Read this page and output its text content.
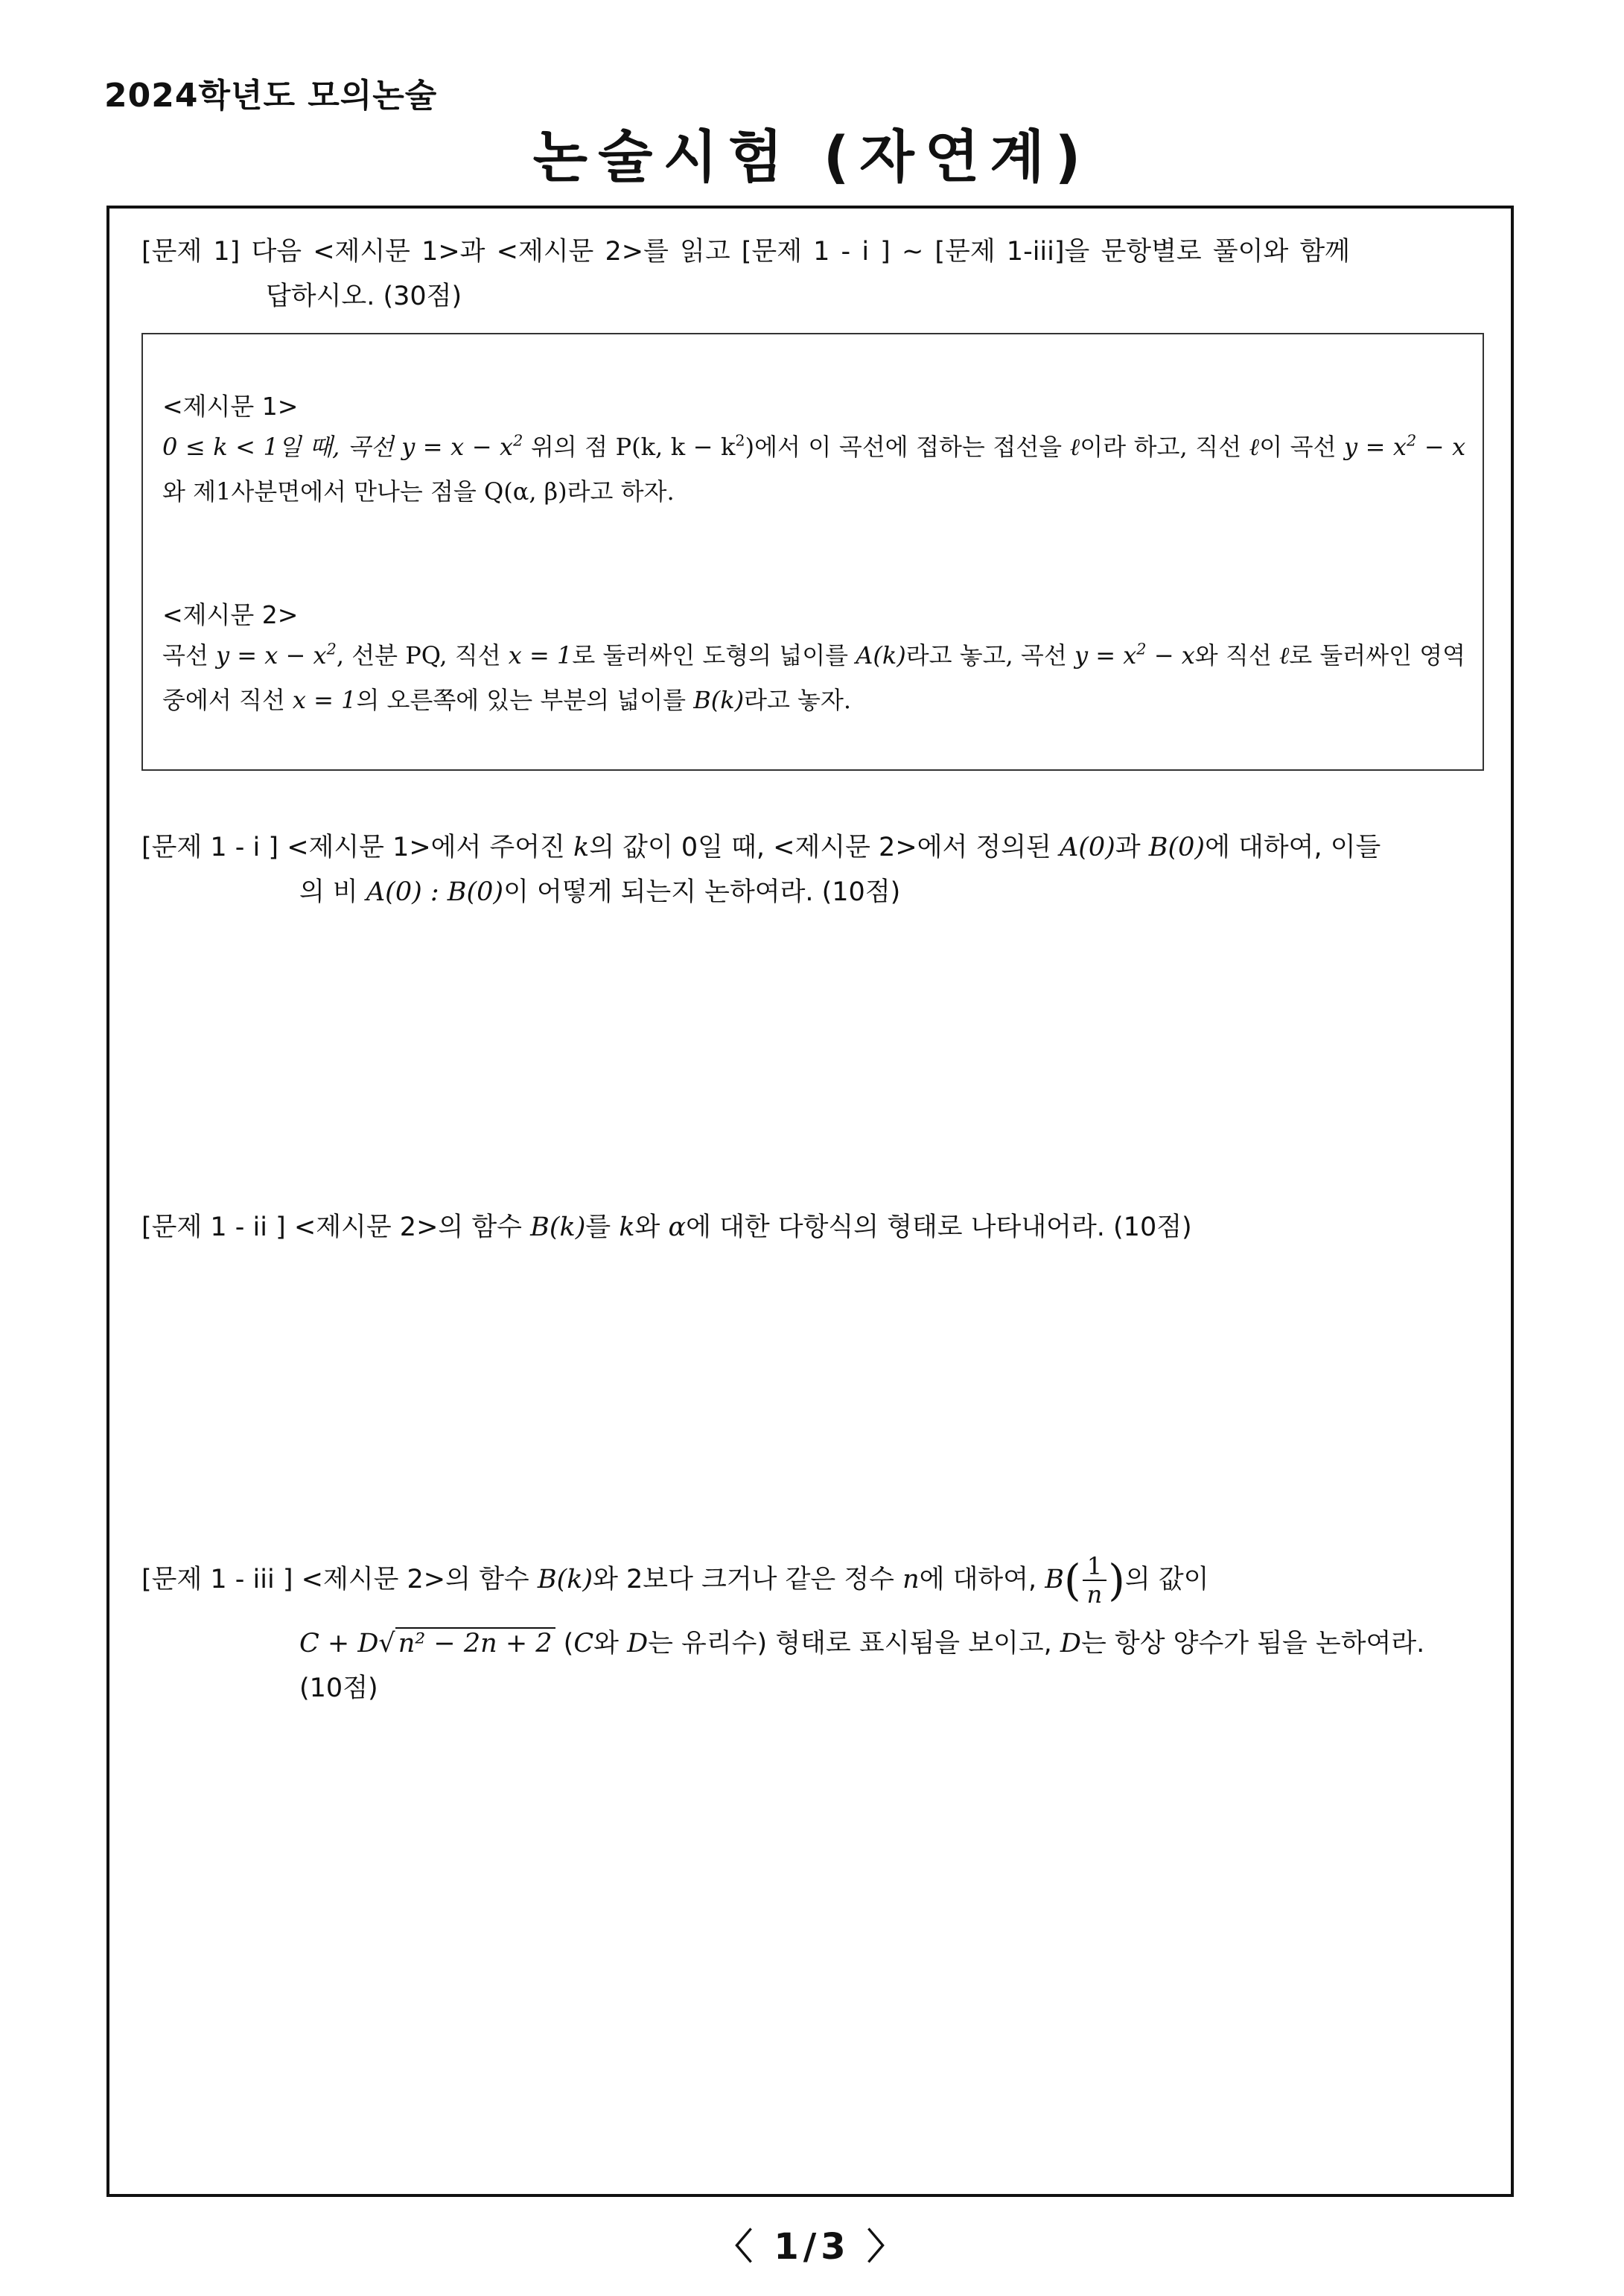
2024학년도 모의논술
논술시험 (자연계)
[문제 1] 다음 <제시문 1>과 <제시문 2>를 읽고 [문제 1 - i ] ~ [문제 1-iii]을 문항별로 풀이와 함께
답하시오. (30점)
<제시문 1>
0 ≤ k < 1일 때, 곡선 $y = x - x^2$ 위의 점 P(k, $k - k^2$)에서 이 곡선에 접하는 접선을 ℓ이라 하고, 직선 ℓ이 곡선 $y = x^2 - x$와 제1사분면에서 만나는 점을 Q(α, β)라고 하자.
<제시문 2>
곡선 $y = x - x^2$, 선분 PQ, 직선 x = 1로 둘러싸인 도형의 넓이를 A(k)라고 놓고, 곡선 $y = x^2 - x$와 직선 ℓ로 둘러싸인 영역 중에서 직선 x = 1의 오른쪽에 있는 부분의 넓이를 B(k)라고 놓자.
[문제 1 - i ] <제시문 1>에서 주어진 k의 값이 0일 때, <제시문 2>에서 정의된 A(0)과 B(0)에 대하여, 이들
의 비 A(0) : B(0)이 어떻게 되는지 논하여라. (10점)
[문제 1 - ii ] <제시문 2>의 함수 B(k)를 k와 α에 대한 다항식의 형태로 나타내어라. (10점)
[문제 1 - iii ] <제시문 2>의 함수 B(k)와 2보다 크거나 같은 정수 n에 대하여, $B( \frac{1}{n}$ )의 값이
C + D√ n² − 2n + 2 (C와 D는 유리수) 형태로 표시됨을 보이고, D는 항상 양수가 됨을 논하여라.
(10점)
〈 1/3 〉
